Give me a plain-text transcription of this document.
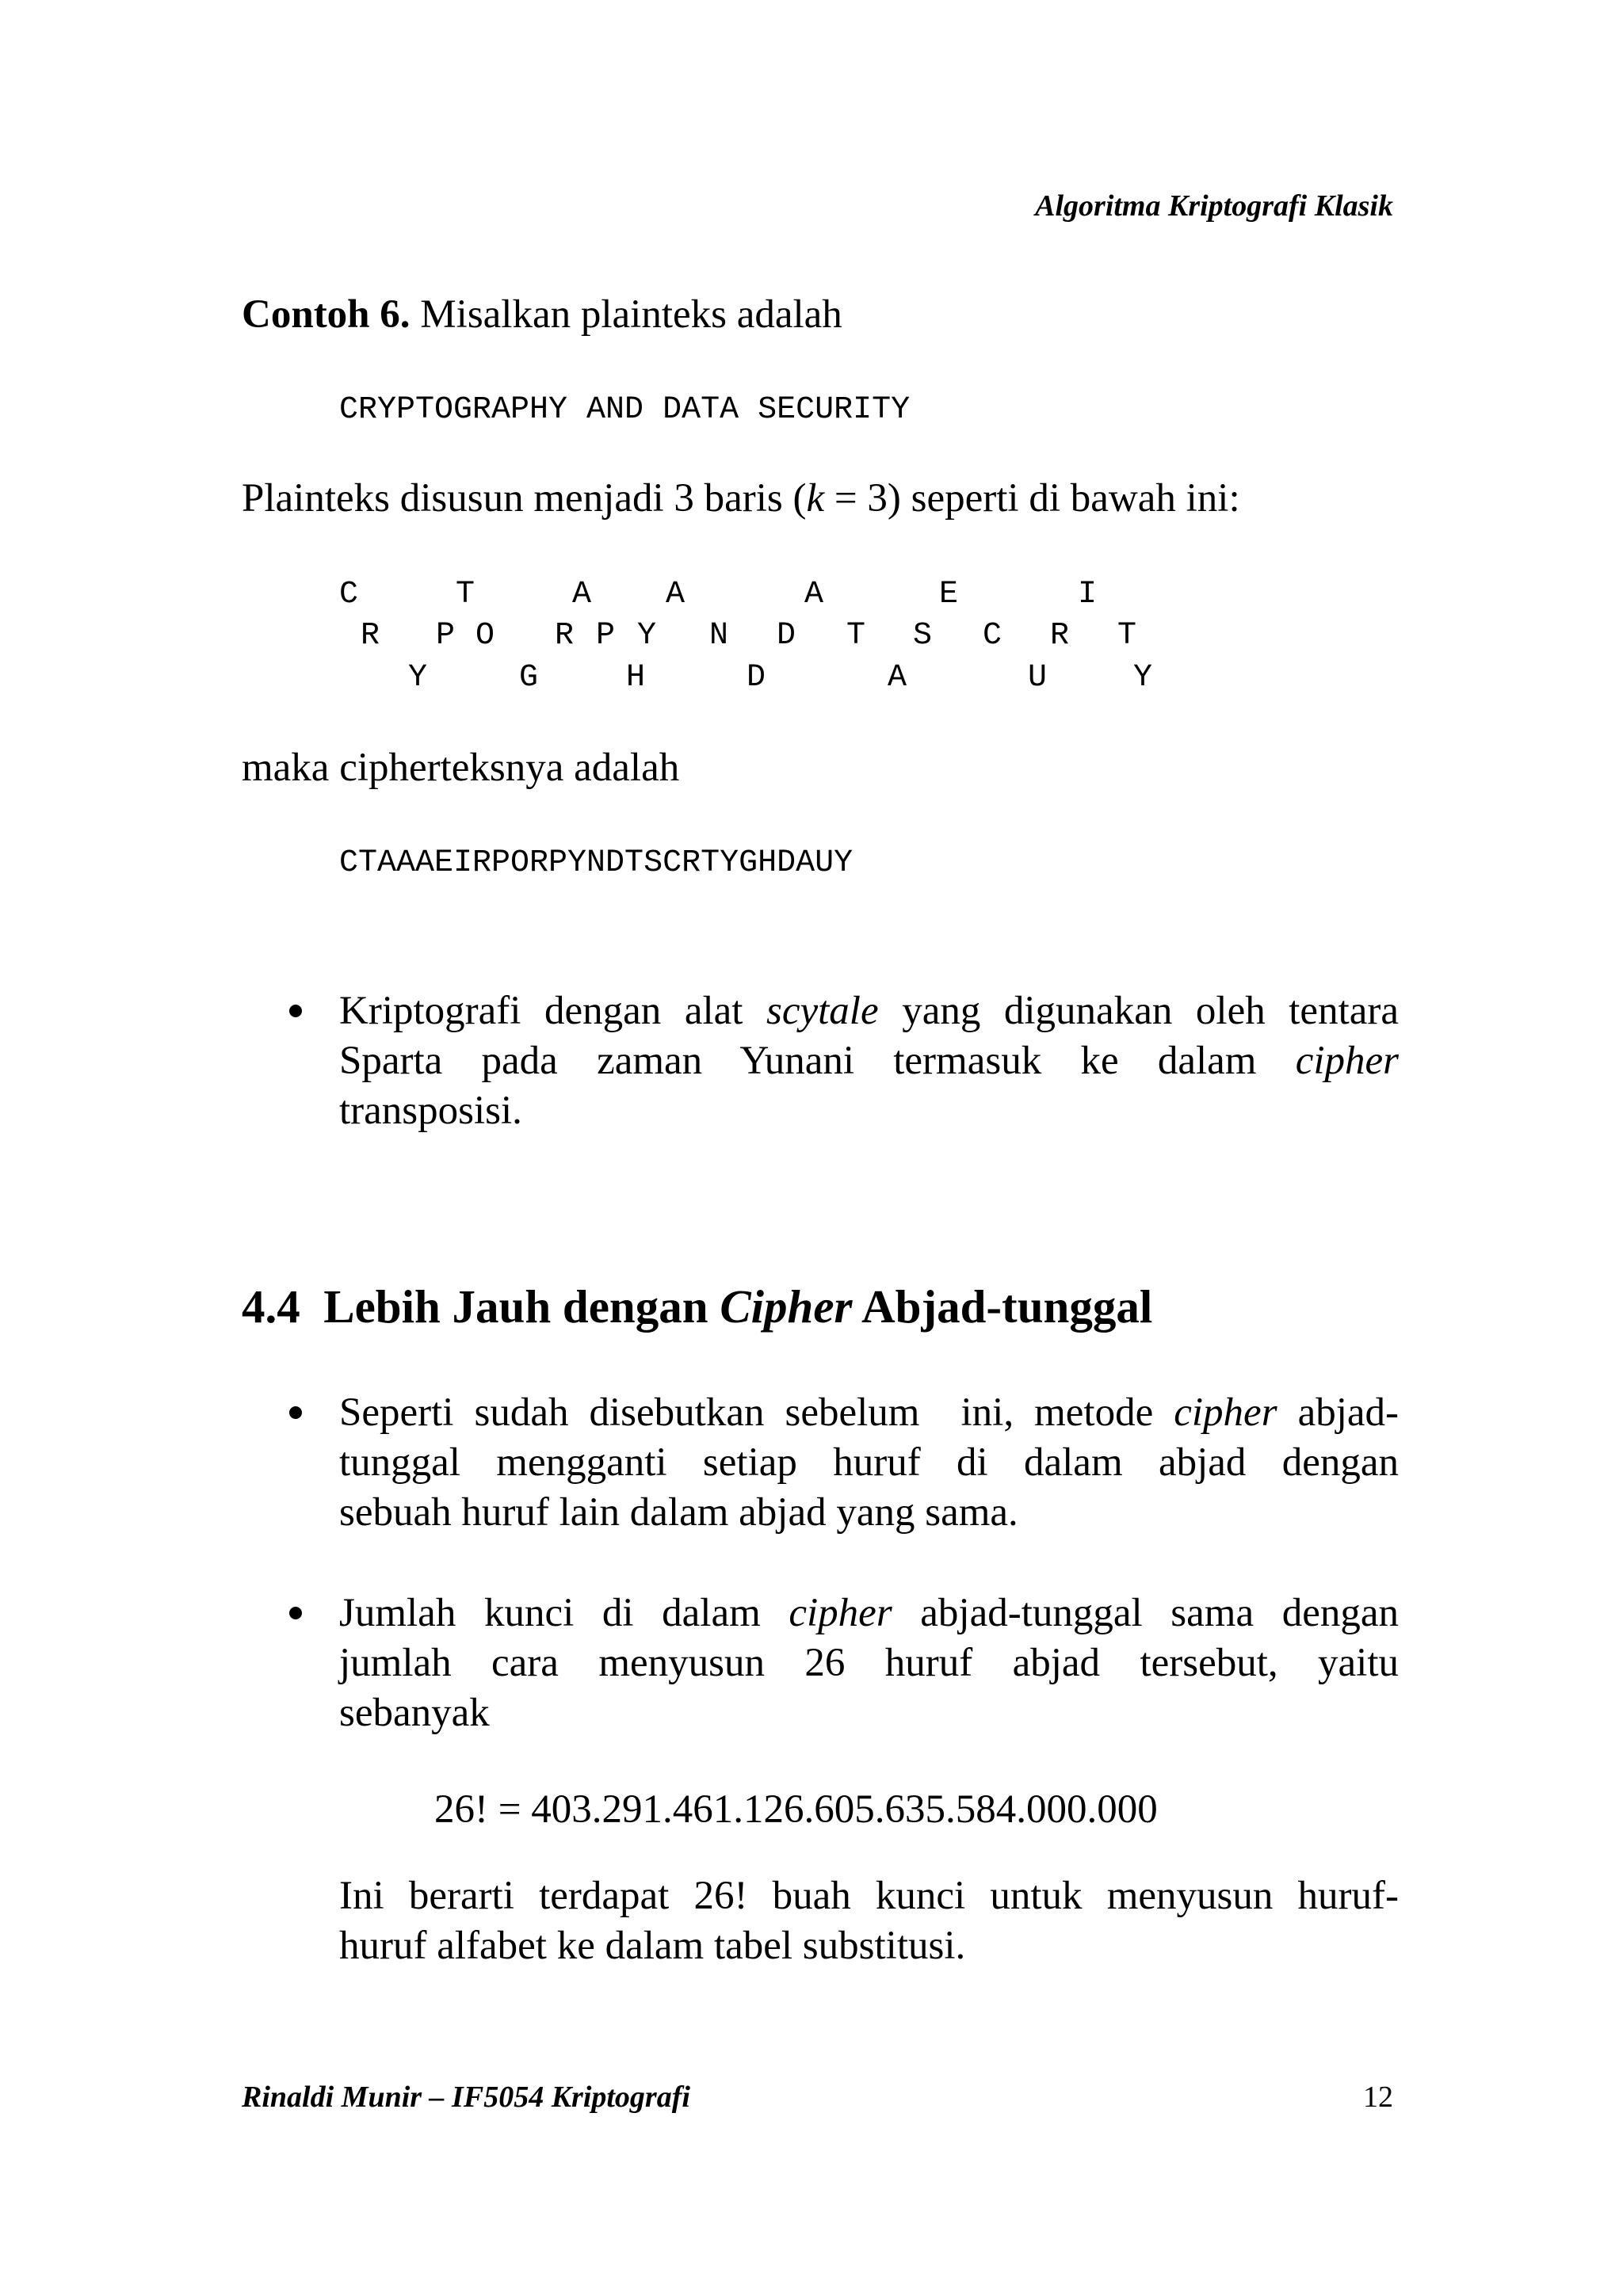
Algoritma Kriptografi Klasik
Contoh 6. Misalkan plainteks adalah
CRYPTOGRAPHY AND DATA SECURITY
Plainteks disusun menjadi 3 baris (k = 3) seperti di bawah ini:
C	T	A A	A	E	I
R P O R P Y N D T S C R T
Y	G	H	D	A	U	Y
maka cipherteksnya adalah
CTAAAEIRPORPYNDTSCRTYGHDAUY
Kriptografi dengan alat scytale yang digunakan oleh tentara
Sparta pada zaman Yunani termasuk ke dalam cipher
transposisi.
4.4 Lebih Jauh dengan Cipher Abjad-tunggal
Seperti sudah disebutkan sebelum  ini, metode cipher abjad-
tunggal mengganti setiap huruf di dalam abjad dengan
sebuah huruf lain dalam abjad yang sama.
Jumlah kunci di dalam cipher abjad-tunggal sama dengan
jumlah cara menyusun 26 huruf abjad tersebut, yaitu
sebanyak
26! = 403.291.461.126.605.635.584.000.000
Ini berarti terdapat 26! buah kunci untuk menyusun huruf-
huruf alfabet ke dalam tabel substitusi.
Rinaldi Munir – IF5054 Kriptografi	12
